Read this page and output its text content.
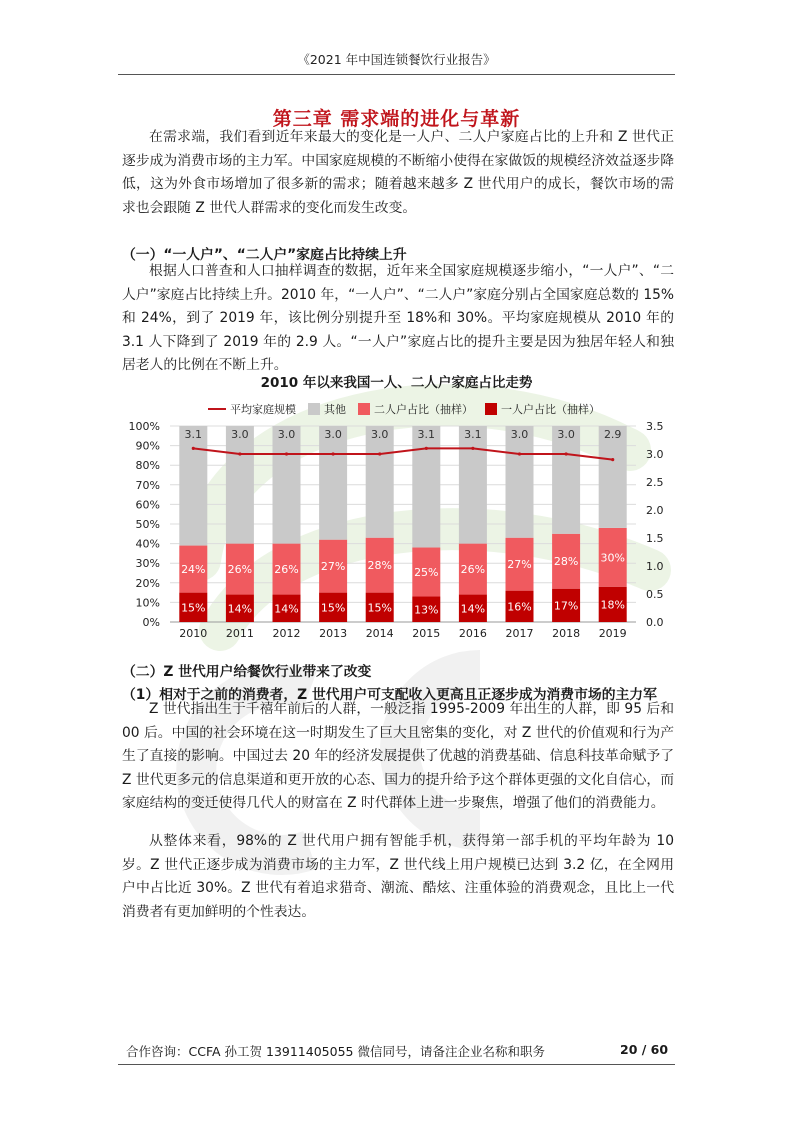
《2021 年中国连锁餐饮行业报告》
第三章 需求端的进化与革新

在需求端，我们看到近年来最大的变化是一人户、二人户家庭占比的上升和 Z 世代正逐步成为消费市场的主力军。中国家庭规模的不断缩小使得在家做饭的规模经济效益逐步降低，这为外食市场增加了很多新的需求；随着越来越多 Z 世代用户的成长，餐饮市场的需求也会跟随 Z 世代人群需求的变化而发生改变。

（一）“一人户”、“二人户”家庭占比持续上升

根据人口普查和人口抽样调查的数据，近年来全国家庭规模逐步缩小，“一人户”、“二人户”家庭占比持续上升。2010 年，“一人户”、“二人户”家庭分别占全国家庭总数的 15%和 24%，到了 2019 年，该比例分别提升至 18%和 30%。平均家庭规模从 2010 年的 3.1 人下降到了 2019 年的 2.9 人。“一人户”家庭占比的提升主要是因为独居年轻人和独居老人的比例在不断上升。

2010 年以来我国一人、二人户家庭占比走势
0%
10%
20%
30%
40%
50%
60%
70%
80%
90%
100%
0.0
0.5
1.0
1.5
2.0
2.5
3.0
3.5
15%
24%
2010
14%
26%
2011
14%
26%
2012
15%
27%
2013
15%
28%
2014
13%
25%
2015
14%
26%
2016
16%
27%
2017
17%
28%
2018
18%
30%
2019
3.1	3.0	3.0	3.0	3.0	3.1	3.1	3.0	3.0	2.9
平均家庭规模	其他	二人户占比（抽样）	一人户占比（抽样）
（二）Z 世代用户给餐饮行业带来了改变
（1）相对于之前的消费者，Z 世代用户可支配收入更高且正逐步成为消费市场的主力军

Z 世代指出生于千禧年前后的人群，一般泛指 1995-2009 年出生的人群，即 95 后和 00 后。中国的社会环境在这一时期发生了巨大且密集的变化，对 Z 世代的价值观和行为产生了直接的影响。中国过去 20 年的经济发展提供了优越的消费基础、信息科技革命赋予了 Z 世代更多元的信息渠道和更开放的心态、国力的提升给予这个群体更强的文化自信心，而家庭结构的变迁使得几代人的财富在 Z 时代群体上进一步聚焦，增强了他们的消费能力。

从整体来看，98%的 Z 世代用户拥有智能手机，获得第一部手机的平均年龄为 10 岁。Z 世代正逐步成为消费市场的主力军，Z 世代线上用户规模已达到 3.2 亿，在全网用户中占比近 30%。Z 世代有着追求猎奇、潮流、酷炫、注重体验的消费观念，且比上一代消费者有更加鲜明的个性表达。

合作咨询：CCFA 孙工贺 13911405055 微信同号，请备注企业名称和职务	20 / 60
